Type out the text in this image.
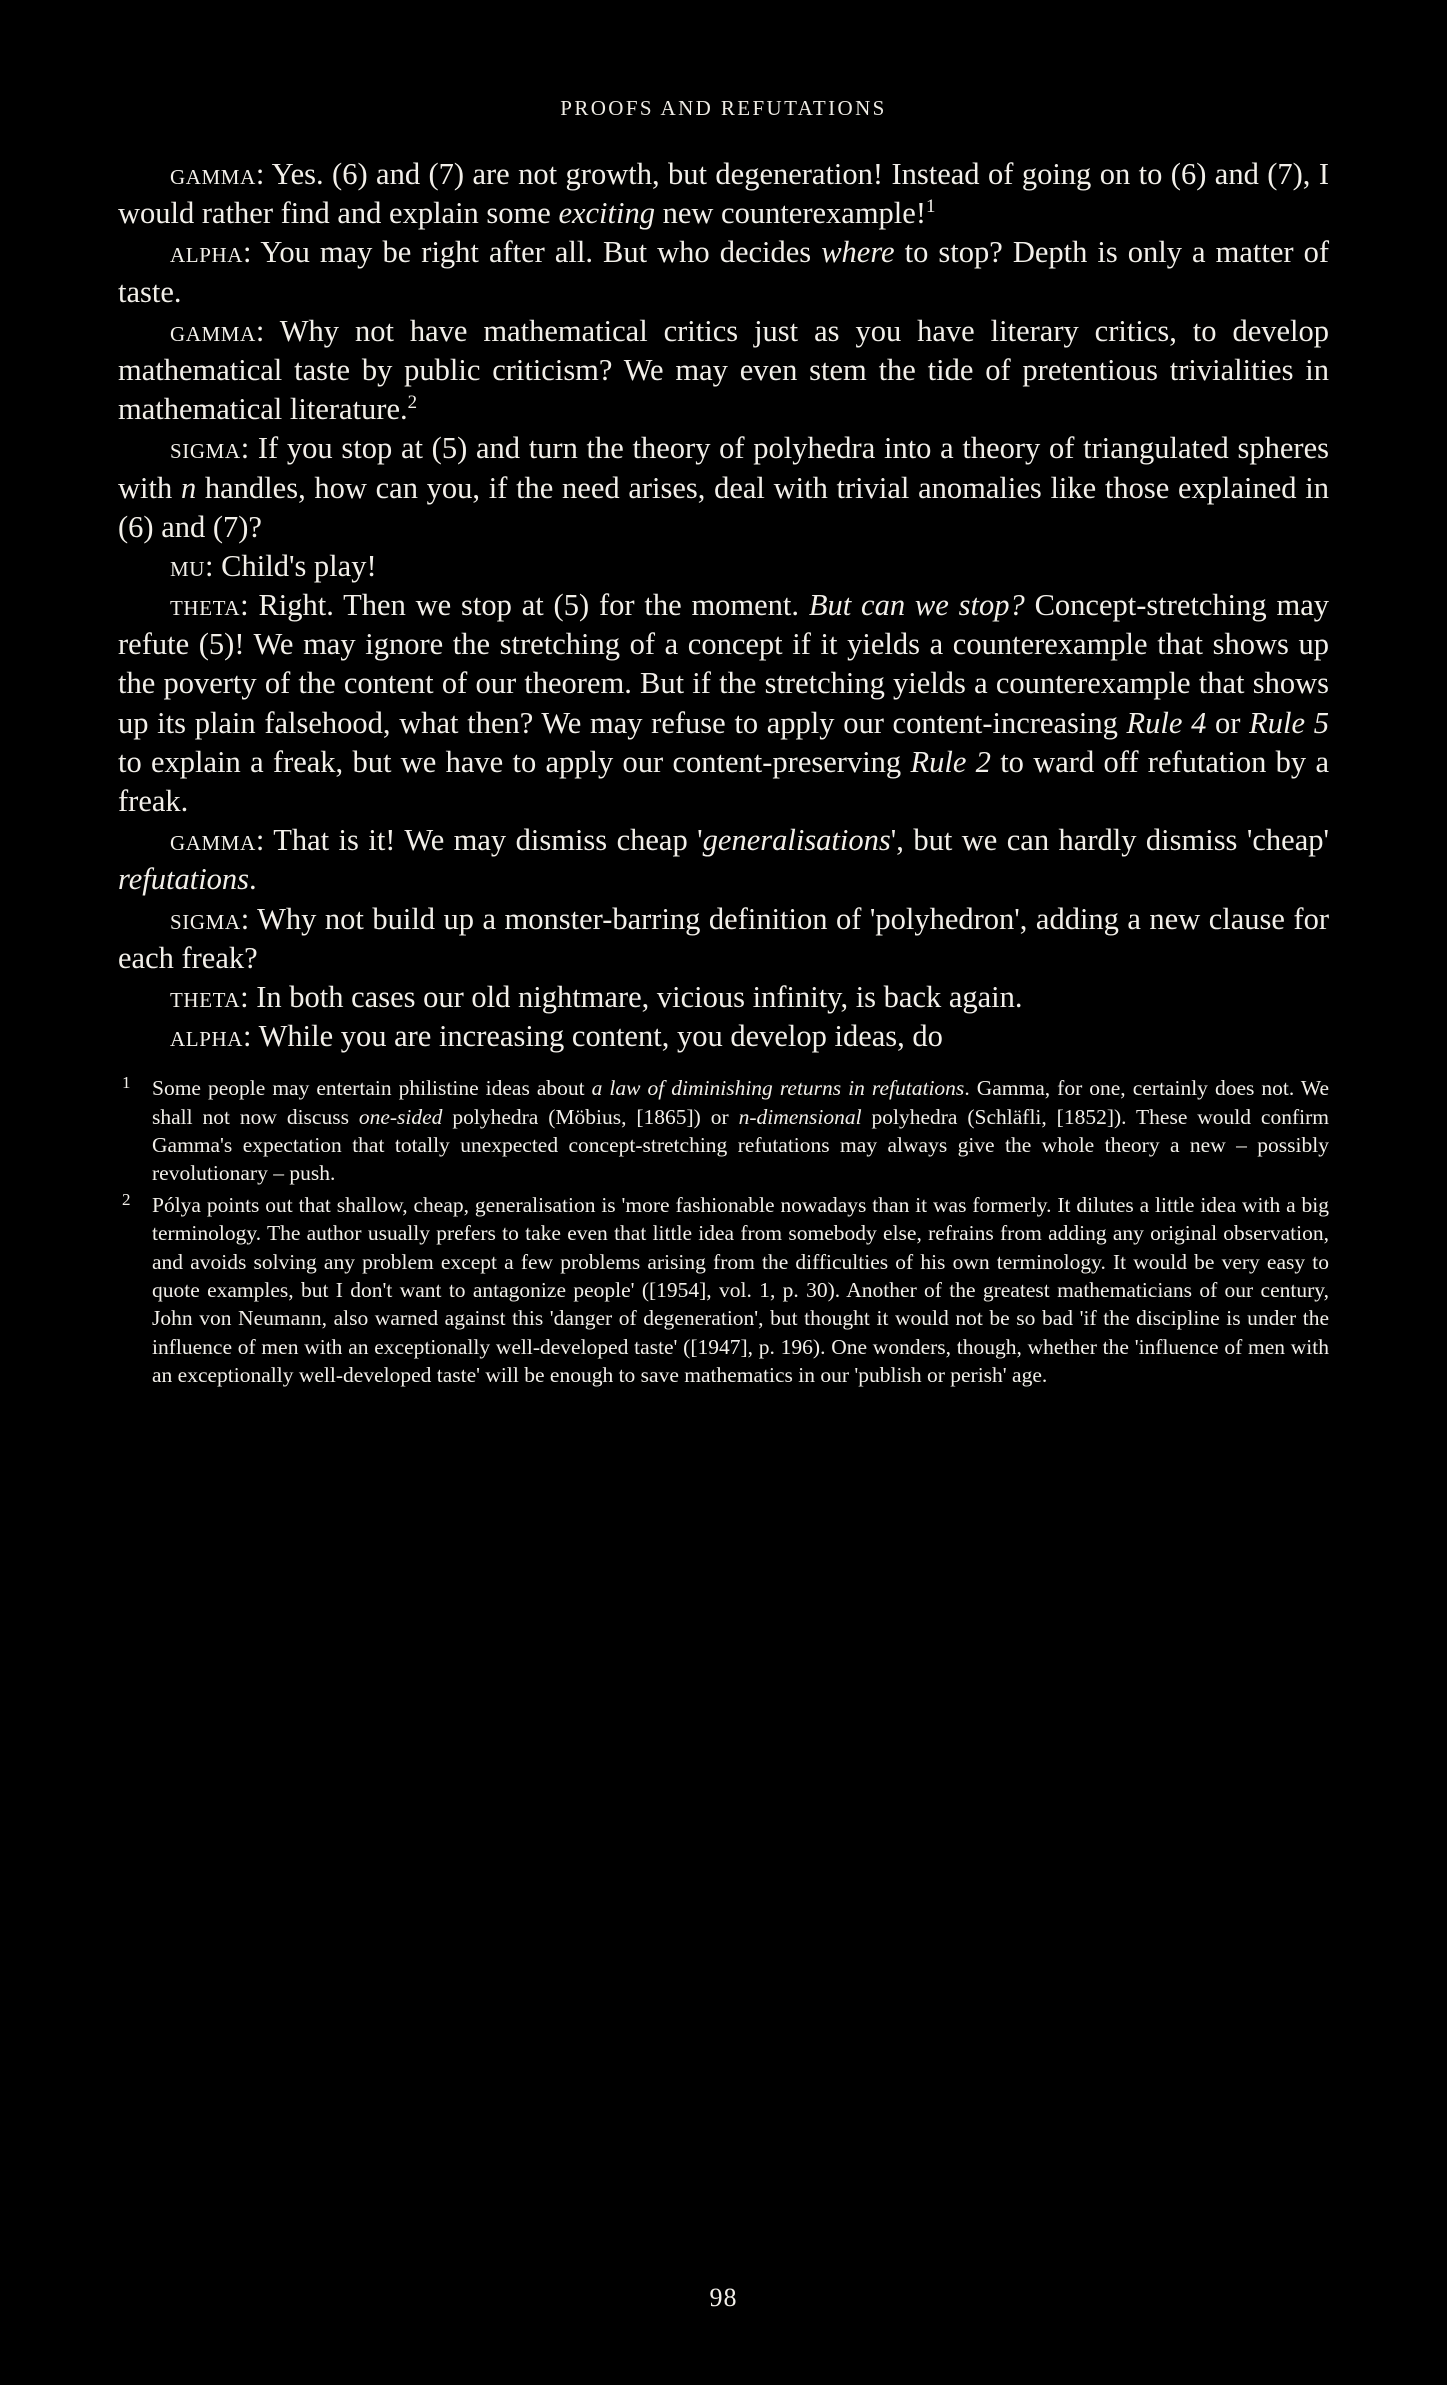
PROOFS AND REFUTATIONS

gamma: Yes. (6) and (7) are not growth, but degeneration! Instead of going on to (6) and (7), I would rather find and explain some exciting new counterexample!$^1$

alpha: You may be right after all. But who decides where to stop? Depth is only a matter of taste.

gamma: Why not have mathematical critics just as you have literary critics, to develop mathematical taste by public criticism? We may even stem the tide of pretentious trivialities in mathematical literature.$^2$

sigma: If you stop at (5) and turn the theory of polyhedra into a theory of triangulated spheres with n handles, how can you, if the need arises, deal with trivial anomalies like those explained in (6) and (7)?

mu: Child's play!

theta: Right. Then we stop at (5) for the moment. But can we stop? Concept-stretching may refute (5)! We may ignore the stretching of a concept if it yields a counterexample that shows up the poverty of the content of our theorem. But if the stretching yields a counterexample that shows up its plain falsehood, what then? We may refuse to apply our content-increasing Rule 4 or Rule 5 to explain a freak, but we have to apply our content-preserving Rule 2 to ward off refutation by a freak.

gamma: That is it! We may dismiss cheap 'generalisations', but we can hardly dismiss 'cheap' refutations.

sigma: Why not build up a monster-barring definition of 'polyhedron', adding a new clause for each freak?

theta: In both cases our old nightmare, vicious infinity, is back again.

alpha: While you are increasing content, you develop ideas, do

1 Some people may entertain philistine ideas about a law of diminishing returns in refutations. Gamma, for one, certainly does not. We shall not now discuss one-sided polyhedra (Möbius, [1865]) or n-dimensional polyhedra (Schläfli, [1852]). These would confirm Gamma's expectation that totally unexpected concept-stretching refutations may always give the whole theory a new – possibly revolutionary – push.
2 Pólya points out that shallow, cheap, generalisation is 'more fashionable nowadays than it was formerly. It dilutes a little idea with a big terminology. The author usually prefers to take even that little idea from somebody else, refrains from adding any original observation, and avoids solving any problem except a few problems arising from the difficulties of his own terminology. It would be very easy to quote examples, but I don't want to antagonize people' ([1954], vol. 1, p. 30). Another of the greatest mathematicians of our century, John von Neumann, also warned against this 'danger of degeneration', but thought it would not be so bad 'if the discipline is under the influence of men with an exceptionally well-developed taste' ([1947], p. 196). One wonders, though, whether the 'influence of men with an exceptionally well-developed taste' will be enough to save mathematics in our 'publish or perish' age.
98
